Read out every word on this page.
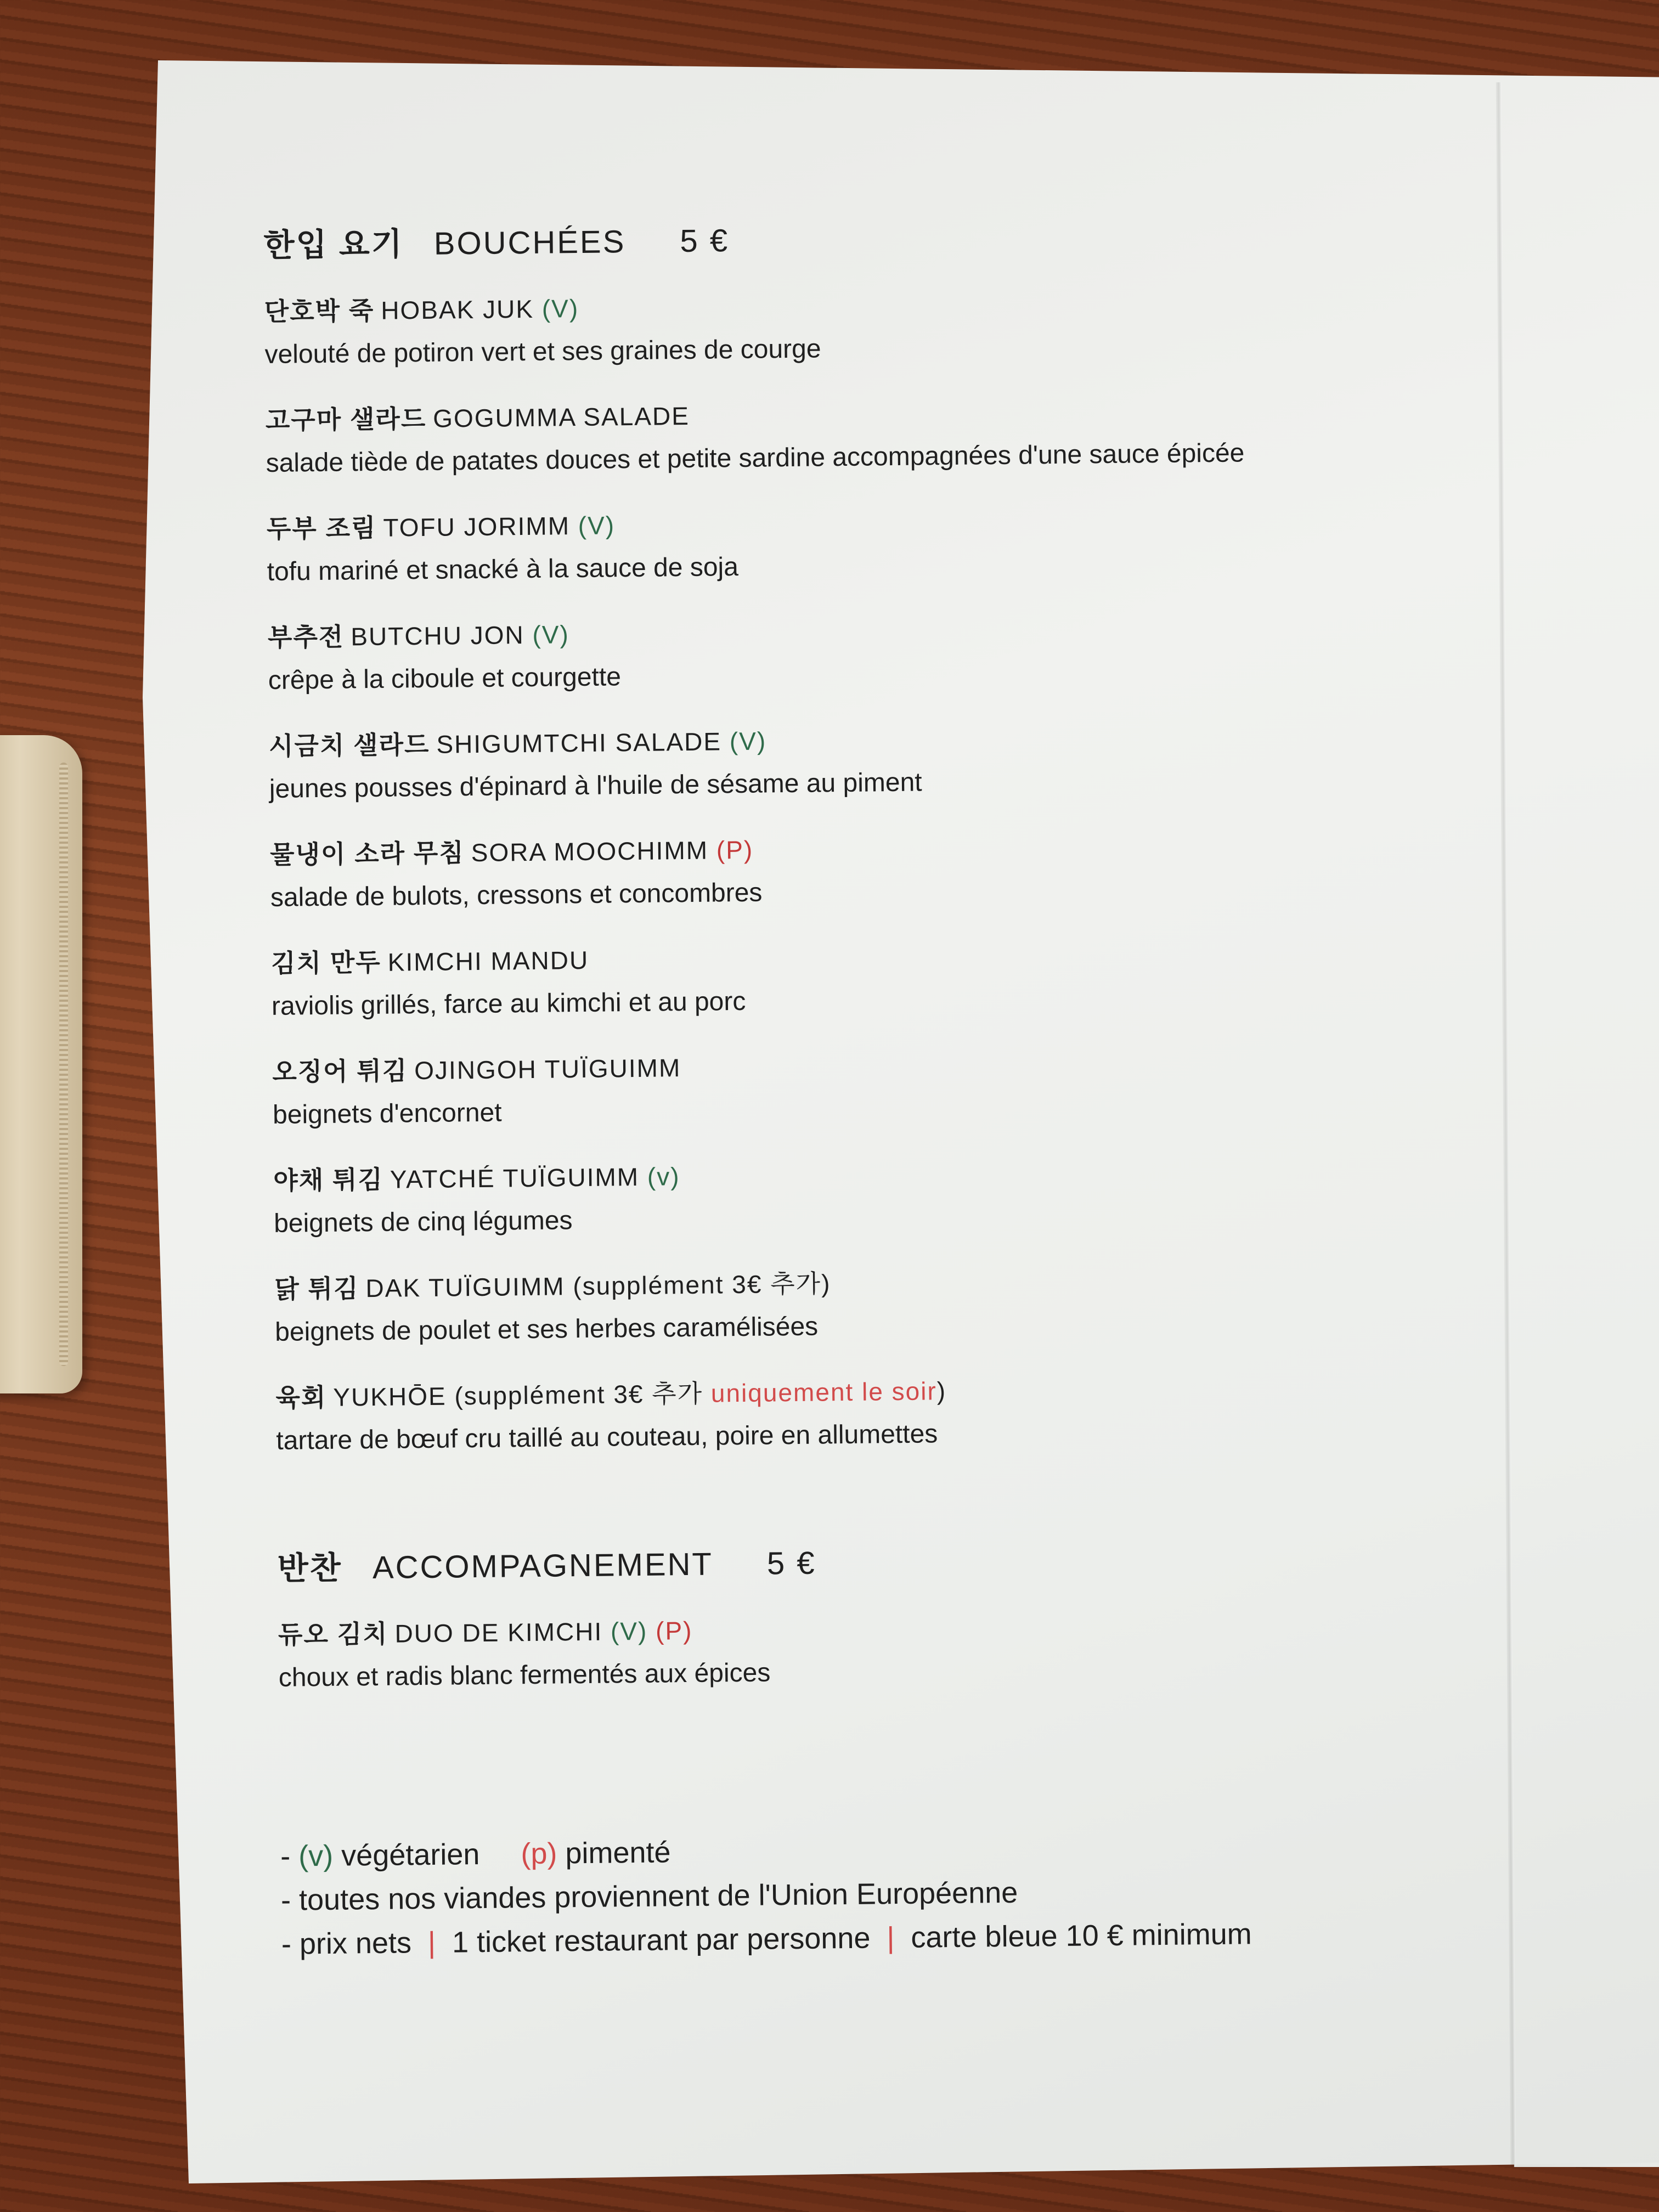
한입 요기 BOUCHÉES 5 €
단호박 죽 HOBAK JUK (V)
velouté de potiron vert et ses graines de courge
고구마 샐라드 GOGUMMA SALADE
salade tiède de patates douces et petite sardine accompagnées d'une sauce épicée
두부 조림 TOFU JORIMM (V)
tofu mariné et snacké à la sauce de soja
부추전 BUTCHU JON (V)
crêpe à la ciboule et courgette
시금치 샐라드 SHIGUMTCHI SALADE (V)
jeunes pousses d'épinard à l'huile de sésame au piment
물냉이 소라 무침 SORA MOOCHIMM (P)
salade de bulots, cressons et concombres
김치 만두 KIMCHI MANDU
raviolis grillés, farce au kimchi et au porc
오징어 튀김 OJINGOH TUÏGUIMM
beignets d'encornet
야채 튀김 YATCHÉ TUÏGUIMM (v)
beignets de cinq légumes
닭 튀김 DAK TUÏGUIMM (supplément 3€ 추가)
beignets de poulet et ses herbes caramélisées
육회 YUKHŌE (supplément 3€ 추가 uniquement le soir)
tartare de bœuf cru taillé au couteau, poire en allumettes
반찬 ACCOMPAGNEMENT 5 €
듀오 김치 DUO DE KIMCHI (V) (P)
choux et radis blanc fermentés aux épices
- (v) végétarien (p) pimenté
- toutes nos viandes proviennent de l'Union Européenne
- prix nets | 1 ticket restaurant par personne | carte bleue 10 € minimum
